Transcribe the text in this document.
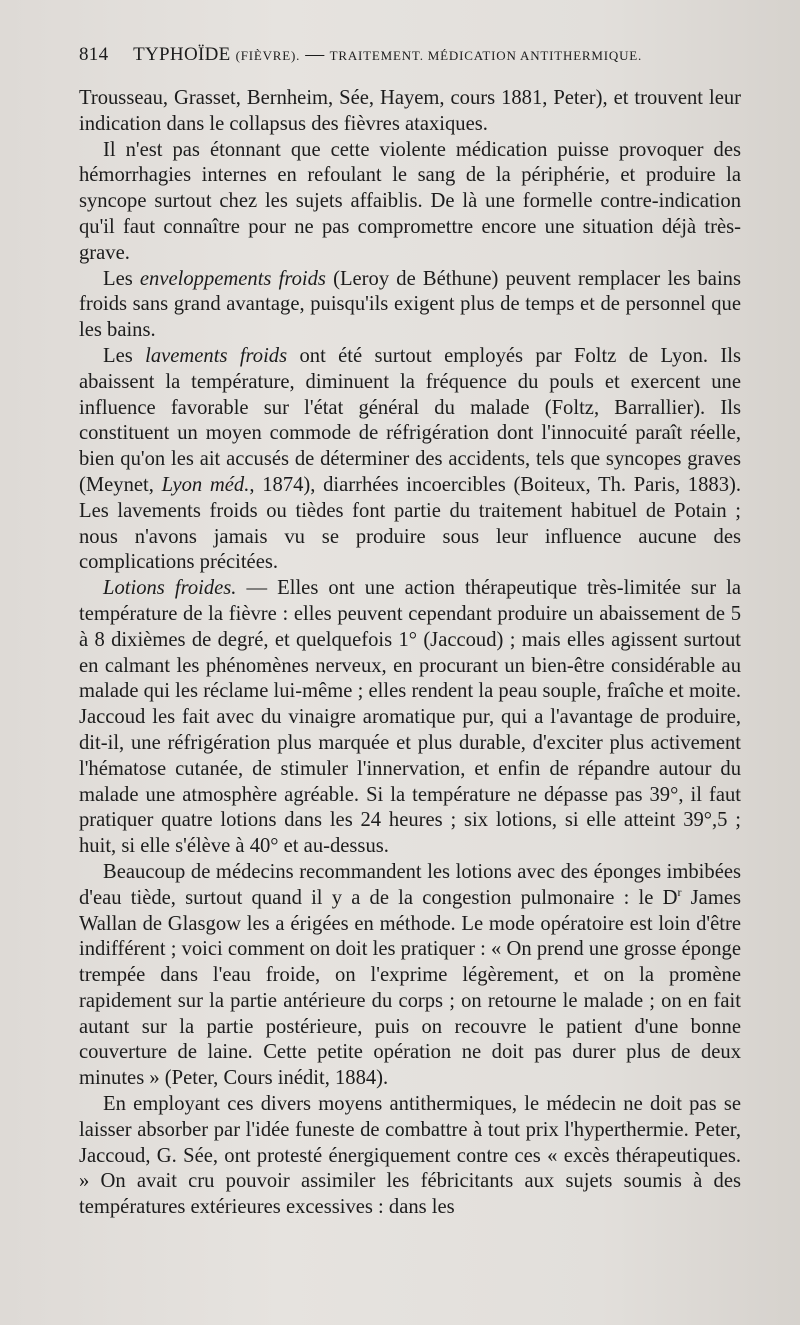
814 TYPHOÏDE (FIÈVRE). — TRAITEMENT. MÉDICATION ANTITHERMIQUE.

Trousseau, Grasset, Bernheim, Sée, Hayem, cours 1881, Peter), et trouvent leur indication dans le collapsus des fièvres ataxiques.

Il n'est pas étonnant que cette violente médication puisse provoquer des hémorrhagies internes en refoulant le sang de la périphérie, et produire la syncope surtout chez les sujets affaiblis. De là une formelle contre-indication qu'il faut connaître pour ne pas compromettre encore une situation déjà très-grave.

Les enveloppements froids (Leroy de Béthune) peuvent remplacer les bains froids sans grand avantage, puisqu'ils exigent plus de temps et de personnel que les bains.

Les lavements froids ont été surtout employés par Foltz de Lyon. Ils abaissent la température, diminuent la fréquence du pouls et exercent une influence favorable sur l'état général du malade (Foltz, Barrallier). Ils constituent un moyen commode de réfrigération dont l'innocuité paraît réelle, bien qu'on les ait accusés de déterminer des accidents, tels que syncopes graves (Meynet, Lyon méd., 1874), diarrhées incoercibles (Boiteux, Th. Paris, 1883). Les lavements froids ou tièdes font partie du traitement habituel de Potain ; nous n'avons jamais vu se produire sous leur influence aucune des complications précitées.

Lotions froides. — Elles ont une action thérapeutique très-limitée sur la température de la fièvre : elles peuvent cependant produire un abaissement de 5 à 8 dixièmes de degré, et quelquefois 1° (Jaccoud) ; mais elles agissent surtout en calmant les phénomènes nerveux, en procurant un bien-être considérable au malade qui les réclame lui-même ; elles rendent la peau souple, fraîche et moite. Jaccoud les fait avec du vinaigre aromatique pur, qui a l'avantage de produire, dit-il, une réfrigération plus marquée et plus durable, d'exciter plus activement l'hématose cutanée, de stimuler l'innervation, et enfin de répandre autour du malade une atmosphère agréable. Si la température ne dépasse pas 39°, il faut pratiquer quatre lotions dans les 24 heures ; six lotions, si elle atteint 39°,5 ; huit, si elle s'élève à 40° et au-dessus.

Beaucoup de médecins recommandent les lotions avec des éponges imbibées d'eau tiède, surtout quand il y a de la congestion pulmonaire : le $D^r$ James Wallan de Glasgow les a érigées en méthode. Le mode opératoire est loin d'être indifférent ; voici comment on doit les pratiquer : « On prend une grosse éponge trempée dans l'eau froide, on l'exprime légèrement, et on la promène rapidement sur la partie antérieure du corps ; on retourne le malade ; on en fait autant sur la partie postérieure, puis on recouvre le patient d'une bonne couverture de laine. Cette petite opération ne doit pas durer plus de deux minutes » (Peter, Cours inédit, 1884).

En employant ces divers moyens antithermiques, le médecin ne doit pas se laisser absorber par l'idée funeste de combattre à tout prix l'hyperthermie. Peter, Jaccoud, G. Sée, ont protesté énergiquement contre ces « excès thérapeutiques. » On avait cru pouvoir assimiler les fébricitants aux sujets soumis à des températures extérieures excessives : dans les
